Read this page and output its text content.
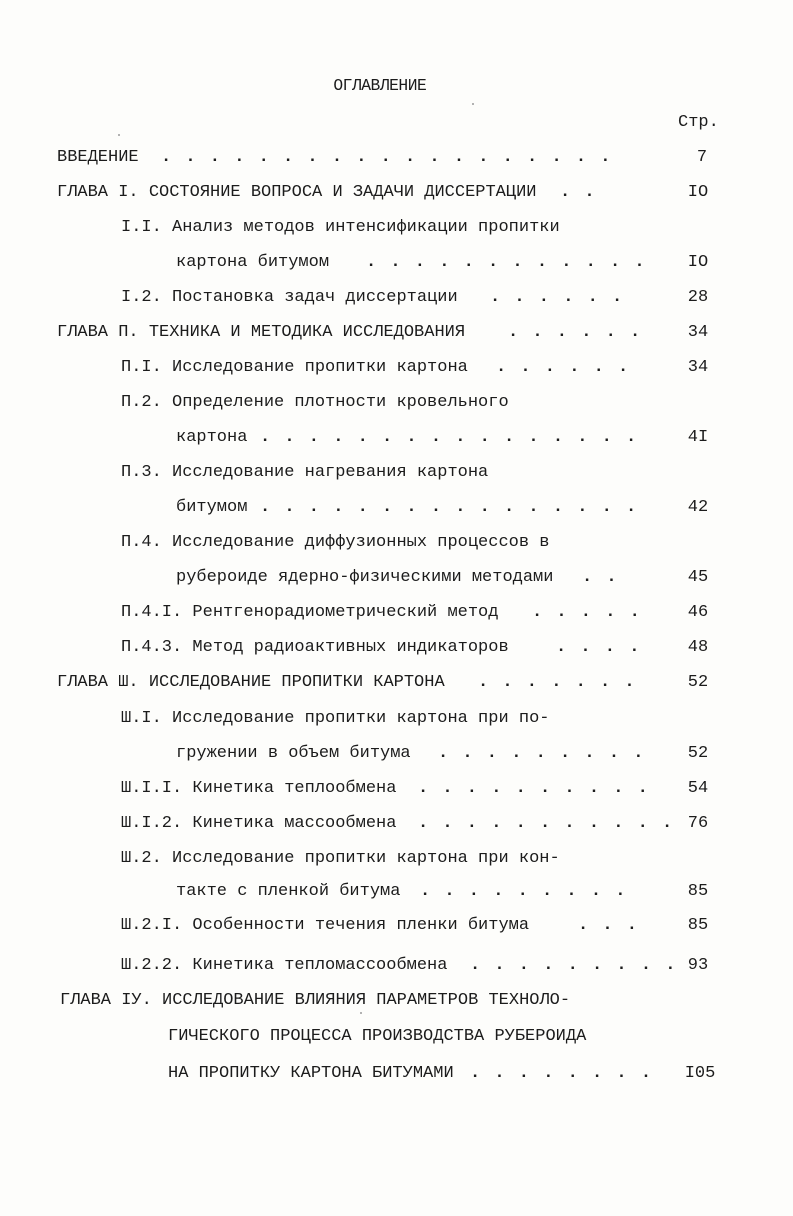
ОГЛАВЛЕНИЕ
Стр.
ВВЕДЕНИЕ . . . . . . . . . . . . . . . . . . .	7
ГЛАВА I. СОСТОЯНИЕ ВОПРОСА И ЗАДАЧИ ДИССЕРТАЦИИ . .	IO
I.I. Анализ методов интенсификации пропитки
картона битумом . . . . . . . . . . . .	IO
I.2. Постановка задач диссертации . . . . . .	28
ГЛАВА П. ТЕХНИКА И МЕТОДИКА ИССЛЕДОВАНИЯ	. . . . . .	34
П.I. Исследование пропитки картона . . . . . .	34
П.2. Определение плотности кровельного
картона . . . . . . . . . . . . . . . .	4I
П.3. Исследование нагревания картона
битумом . . . . . . . . . . . . . . . .	42
П.4. Исследование диффузионных процессов в
рубероиде ядерно-физическими методами . .	45
П.4.I. Рентгенорадиометрический метод . . . . .	46
П.4.3. Метод радиоактивных индикаторов	. . . .	48
ГЛАВА Ш. ИССЛЕДОВАНИЕ ПРОПИТКИ КАРТОНА . . . . . . .	52
Ш.I. Исследование пропитки картона при по-
гружении в объем битума . . . . . . . . .	52
Ш.I.I. Кинетика теплообмена . . . . . . . . . .	54
Ш.I.2. Кинетика массообмена . . . . . . . . . . . 76
Ш.2. Исследование пропитки картона при кон-
такте с пленкой битума . . . . . . . . .	85
Ш.2.I. Особенности течения пленки битума	. . .	85
Ш.2.2. Кинетика тепломассообмена . . . . . . . . . 93
ГЛАВА ІУ. ИССЛЕДОВАНИЕ ВЛИЯНИЯ ПАРАМЕТРОВ ТЕХНОЛО-
ГИЧЕСКОГО ПРОЦЕССА ПРОИЗВОДСТВА РУБЕРОИДА
НА ПРОПИТКУ КАРТОНА БИТУМАМИ . . . . . . . .	I05
